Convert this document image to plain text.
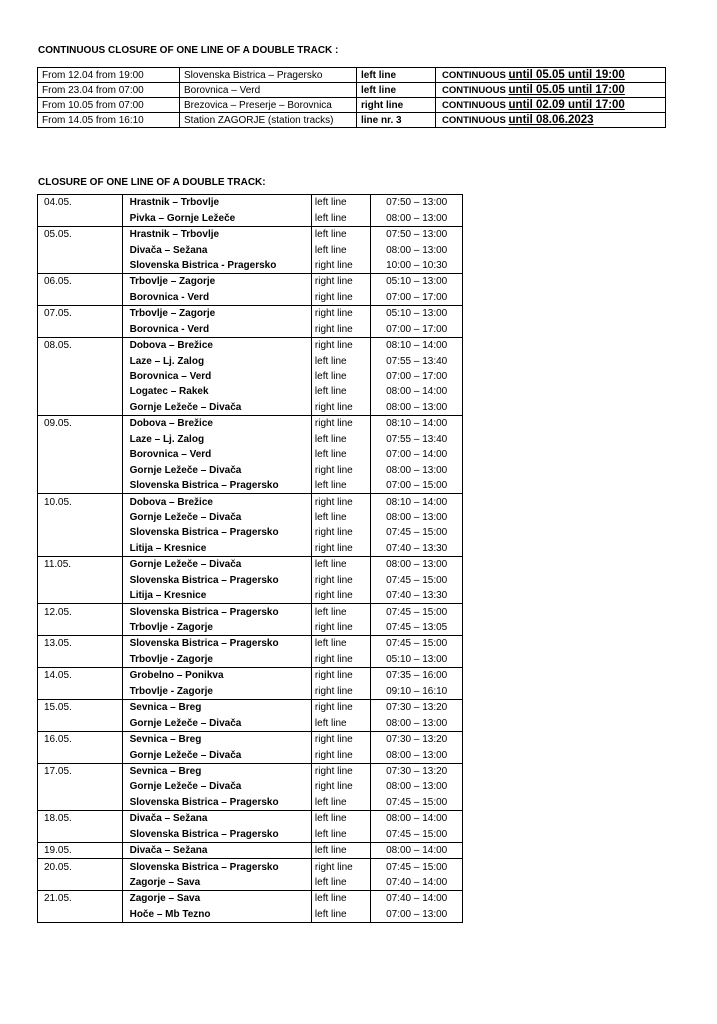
CONTINUOUS CLOSURE OF ONE LINE OF A DOUBLE TRACK :
From 12.04 from 19:00	Slovenska Bistrica – Pragersko	left line	CONTINUOUS until 05.05 until 19:00
From 23.04 from 07:00	Borovnica – Verd	left line	CONTINUOUS until 05.05 until 17:00
From 10.05 from 07:00	Brezovica – Preserje – Borovnica	right line	CONTINUOUS until 02.09 until 17:00
From 14.05 from 16:10	Station ZAGORJE (station tracks)	line nr. 3	CONTINUOUS until 08.06.2023
CLOSURE OF ONE LINE OF A DOUBLE TRACK:
04.05.	Hrastnik – Trbovlje	left line	07:50 – 13:00
	Pivka – Gornje Ležeče	left line	08:00 – 13:00
05.05.	Hrastnik – Trbovlje	left line	07:50 – 13:00
	Divača – Sežana	left line	08:00 – 13:00
	Slovenska Bistrica - Pragersko	right line	10:00 – 10:30
06.05.	Trbovlje – Zagorje	right line	05:10 – 13:00
	Borovnica - Verd	right line	07:00 – 17:00
07.05.	Trbovlje – Zagorje	right line	05:10 – 13:00
	Borovnica - Verd	right line	07:00 – 17:00
08.05.	Dobova – Brežice	right line	08:10 – 14:00
	Laze – Lj. Zalog	left line	07:55 – 13:40
	Borovnica – Verd	left line	07:00 – 17:00
	Logatec – Rakek	left line	08:00 – 14:00
	Gornje Ležeče – Divača	right line	08:00 – 13:00
09.05.	Dobova – Brežice	right line	08:10 – 14:00
	Laze – Lj. Zalog	left line	07:55 – 13:40
	Borovnica – Verd	left line	07:00 – 14:00
	Gornje Ležeče – Divača	right line	08:00 – 13:00
	Slovenska Bistrica – Pragersko	left line	07:00 – 15:00
10.05.	Dobova – Brežice	right line	08:10 – 14:00
	Gornje Ležeče – Divača	left line	08:00 – 13:00
	Slovenska Bistrica – Pragersko	right line	07:45 – 15:00
	Litija – Kresnice	right line	07:40 – 13:30
11.05.	Gornje Ležeče – Divača	left line	08:00 – 13:00
	Slovenska Bistrica – Pragersko	right line	07:45 – 15:00
	Litija – Kresnice	right line	07:40 – 13:30
12.05.	Slovenska Bistrica – Pragersko	left line	07:45 – 15:00
	Trbovlje - Zagorje	right line	07:45 – 13:05
13.05.	Slovenska Bistrica – Pragersko	left line	07:45 – 15:00
	Trbovlje - Zagorje	right line	05:10 – 13:00
14.05.	Grobelno – Ponikva	right line	07:35 – 16:00
	Trbovlje - Zagorje	right line	09:10 – 16:10
15.05.	Sevnica – Breg	right line	07:30 – 13:20
	Gornje Ležeče – Divača	left line	08:00 – 13:00
16.05.	Sevnica – Breg	right line	07:30 – 13:20
	Gornje Ležeče – Divača	right line	08:00 – 13:00
17.05.	Sevnica – Breg	right line	07:30 – 13:20
	Gornje Ležeče – Divača	right line	08:00 – 13:00
	Slovenska Bistrica – Pragersko	left line	07:45 – 15:00
18.05.	Divača – Sežana	left line	08:00 – 14:00
	Slovenska Bistrica – Pragersko	left line	07:45 – 15:00
19.05.	Divača – Sežana	left line	08:00 – 14:00
20.05.	Slovenska Bistrica – Pragersko	right line	07:45 – 15:00
	Zagorje – Sava	left line	07:40 – 14:00
21.05.	Zagorje – Sava	left line	07:40 – 14:00
	Hoče – Mb Tezno	left line	07:00 – 13:00
